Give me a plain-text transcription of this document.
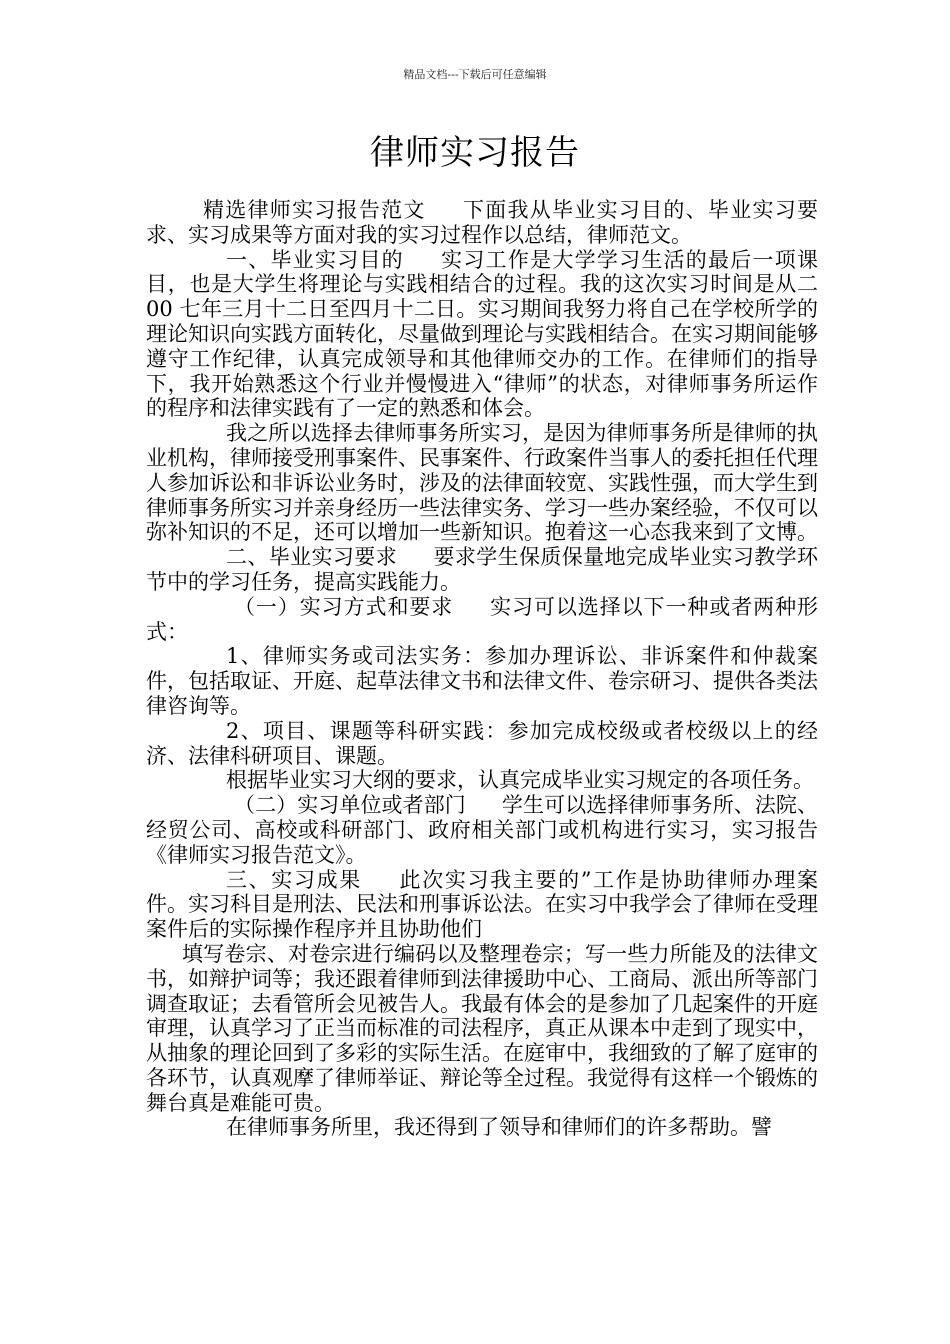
精品文档---下载后可任意编辑
律师实习报告

精选律师实习报告范文 下面我从毕业实习目的、毕业实习要求、实习成果等方面对我的实习过程作以总结，律师范文。

一、毕业实习目的 实习工作是大学学习生活的最后一项课目，也是大学生将理论与实践相结合的过程。我的这次实习时间是从二 00 七年三月十二日至四月十二日。实习期间我努力将自己在学校所学的理论知识向实践方面转化，尽量做到理论与实践相结合。在实习期间能够遵守工作纪律，认真完成领导和其他律师交办的工作。在律师们的指导下，我开始熟悉这个行业并慢慢进入“律师”的状态，对律师事务所运作的程序和法律实践有了一定的熟悉和体会。

我之所以选择去律师事务所实习，是因为律师事务所是律师的执业机构，律师接受刑事案件、民事案件、行政案件当事人的委托担任代理人参加诉讼和非诉讼业务时，涉及的法律面较宽、实践性强，而大学生到律师事务所实习并亲身经历一些法律实务、学习一些办案经验，不仅可以弥补知识的不足，还可以增加一些新知识。抱着这一心态我来到了文博。

二、毕业实习要求 要求学生保质保量地完成毕业实习教学环节中的学习任务，提高实践能力。

（一）实习方式和要求 实习可以选择以下一种或者两种形式：

1、律师实务或司法实务：参加办理诉讼、非诉案件和仲裁案件，包括取证、开庭、起草法律文书和法律文件、卷宗研习、提供各类法律咨询等。

2、项目、课题等科研实践：参加完成校级或者校级以上的经济、法律科研项目、课题。

根据毕业实习大纲的要求，认真完成毕业实习规定的各项任务。

（二）实习单位或者部门 学生可以选择律师事务所、法院、经贸公司、高校或科研部门、政府相关部门或机构进行实习，实习报告《律师实习报告范文》。

三、实习成果 此次实习我主要的”工作是协助律师办理案件。实习科目是刑法、民法和刑事诉讼法。在实习中我学会了律师在受理案件后的实际操作程序并且协助他们

填写卷宗、对卷宗进行编码以及整理卷宗；写一些力所能及的法律文书，如辩护词等；我还跟着律师到法律援助中心、工商局、派出所等部门调查取证；去看管所会见被告人。我最有体会的是参加了几起案件的开庭审理，认真学习了正当而标准的司法程序，真正从课本中走到了现实中，从抽象的理论回到了多彩的实际生活。在庭审中，我细致的了解了庭审的各环节，认真观摩了律师举证、辩论等全过程。我觉得有这样一个锻炼的舞台真是难能可贵。

在律师事务所里，我还得到了领导和律师们的许多帮助。譬
